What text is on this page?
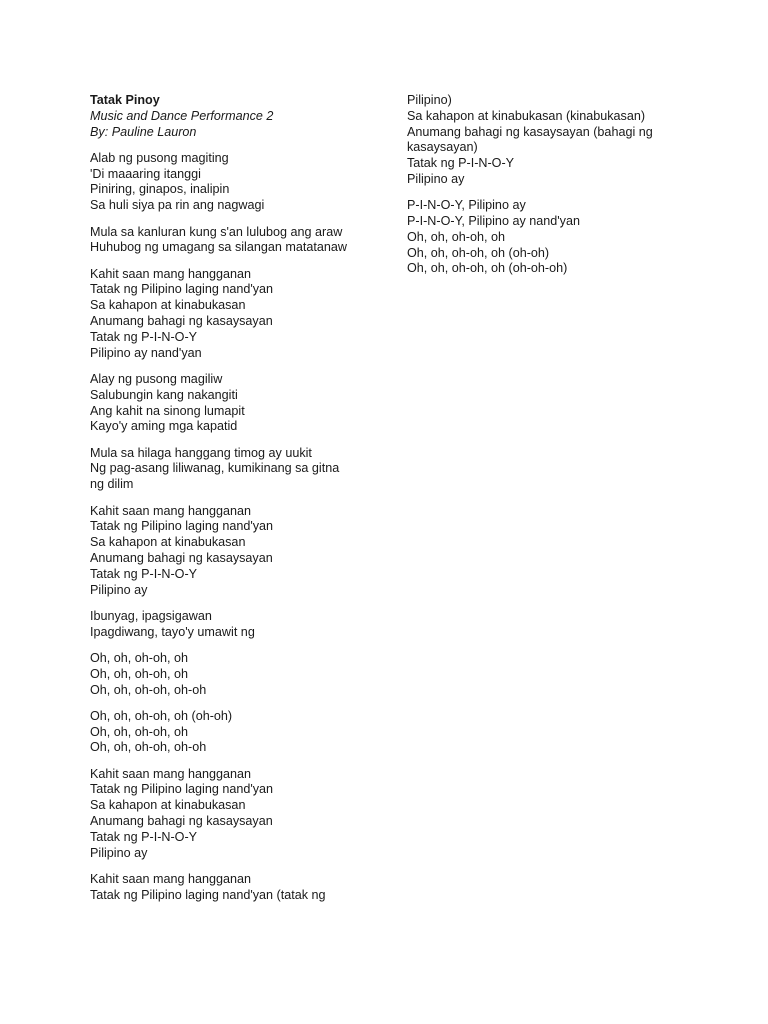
Tatak Pinoy
Music and Dance Performance 2
By: Pauline Lauron
Alab ng pusong magiting
'Di maaaring itanggi
Piniring, ginapos, inalipin
Sa huli siya pa rin ang nagwagi
Mula sa kanluran kung s'an lulubog ang araw
Huhubog ng umagang sa silangan matatanaw
Kahit saan mang hangganan
Tatak ng Pilipino laging nand'yan
Sa kahapon at kinabukasan
Anumang bahagi ng kasaysayan
Tatak ng P-I-N-O-Y
Pilipino ay nand'yan
Alay ng pusong magiliw
Salubungin kang nakangiti
Ang kahit na sinong lumapit
Kayo'y aming mga kapatid
Mula sa hilaga hanggang timog ay uukit
Ng pag-asang liliwanag, kumikinang sa gitna
ng dilim
Kahit saan mang hangganan
Tatak ng Pilipino laging nand'yan
Sa kahapon at kinabukasan
Anumang bahagi ng kasaysayan
Tatak ng P-I-N-O-Y
Pilipino ay
Ibunyag, ipagsigawan
Ipagdiwang, tayo'y umawit ng
Oh, oh, oh-oh, oh
Oh, oh, oh-oh, oh
Oh, oh, oh-oh, oh-oh
Oh, oh, oh-oh, oh (oh-oh)
Oh, oh, oh-oh, oh
Oh, oh, oh-oh, oh-oh
Kahit saan mang hangganan
Tatak ng Pilipino laging nand'yan
Sa kahapon at kinabukasan
Anumang bahagi ng kasaysayan
Tatak ng P-I-N-O-Y
Pilipino ay
Kahit saan mang hangganan
Tatak ng Pilipino laging nand'yan (tatak ng
Pilipino)
Sa kahapon at kinabukasan (kinabukasan)
Anumang bahagi ng kasaysayan (bahagi ng
kasaysayan)
Tatak ng P-I-N-O-Y
Pilipino ay
P-I-N-O-Y, Pilipino ay
P-I-N-O-Y, Pilipino ay nand'yan
Oh, oh, oh-oh, oh
Oh, oh, oh-oh, oh (oh-oh)
Oh, oh, oh-oh, oh (oh-oh-oh)
